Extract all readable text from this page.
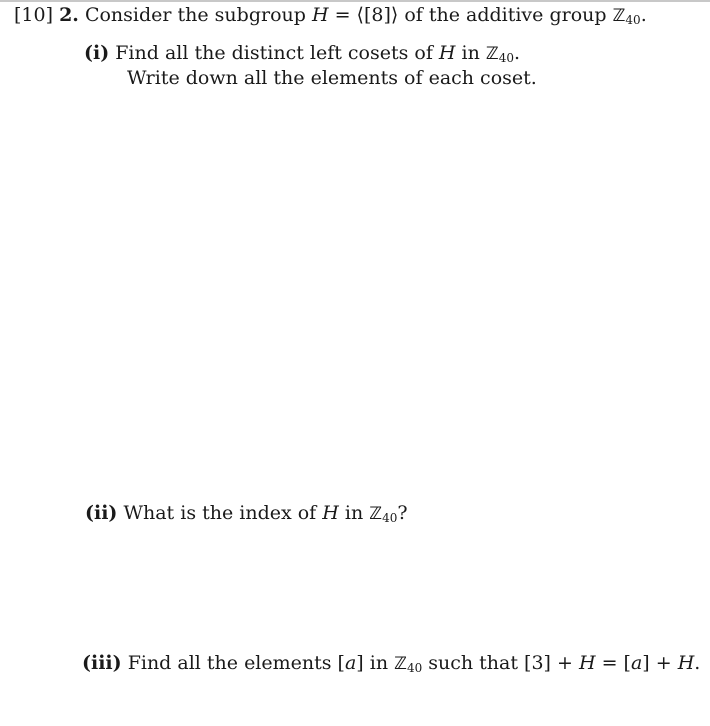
[10] 2. Consider the subgroup H = ⟨[8]⟩ of the additive group ℤ$_{40}$.
(i) Find all the distinct left cosets of H in ℤ$_{40}$.
Write down all the elements of each coset.
(ii) What is the index of H in ℤ$_{40}$?
(iii) Find all the elements [a] in ℤ$_{40}$ such that [3] + H = [a] + H.
